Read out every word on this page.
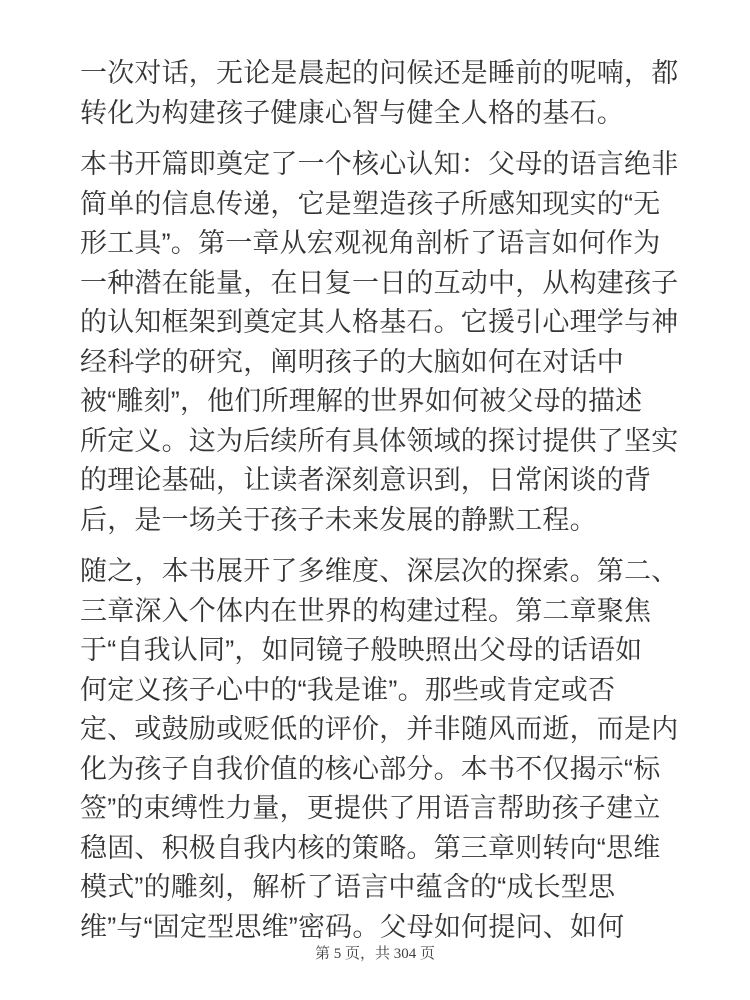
一次对话，无论是晨起的问候还是睡前的呢喃，都
转化为构建孩子健康心智与健全人格的基石。
本书开篇即奠定了一个核心认知：父母的语言绝非
简单的信息传递，它是塑造孩子所感知现实的“无
形工具”。第一章从宏观视角剖析了语言如何作为
一种潜在能量，在日复一日的互动中，从构建孩子
的认知框架到奠定其人格基石。它援引心理学与神
经科学的研究，阐明孩子的大脑如何在对话中
被“雕刻”，他们所理解的世界如何被父母的描述
所定义。这为后续所有具体领域的探讨提供了坚实
的理论基础，让读者深刻意识到，日常闲谈的背
后，是一场关于孩子未来发展的静默工程。
随之，本书展开了多维度、深层次的探索。第二、
三章深入个体内在世界的构建过程。第二章聚焦
于“自我认同”，如同镜子般映照出父母的话语如
何定义孩子心中的“我是谁”。那些或肯定或否
定、或鼓励或贬低的评价，并非随风而逝，而是内
化为孩子自我价值的核心部分。本书不仅揭示“标
签”的束缚性力量，更提供了用语言帮助孩子建立
稳固、积极自我内核的策略。第三章则转向“思维
模式”的雕刻，解析了语言中蕴含的“成长型思
维”与“固定型思维”密码。父母如何提问、如何
第 5 页，共 304 页
